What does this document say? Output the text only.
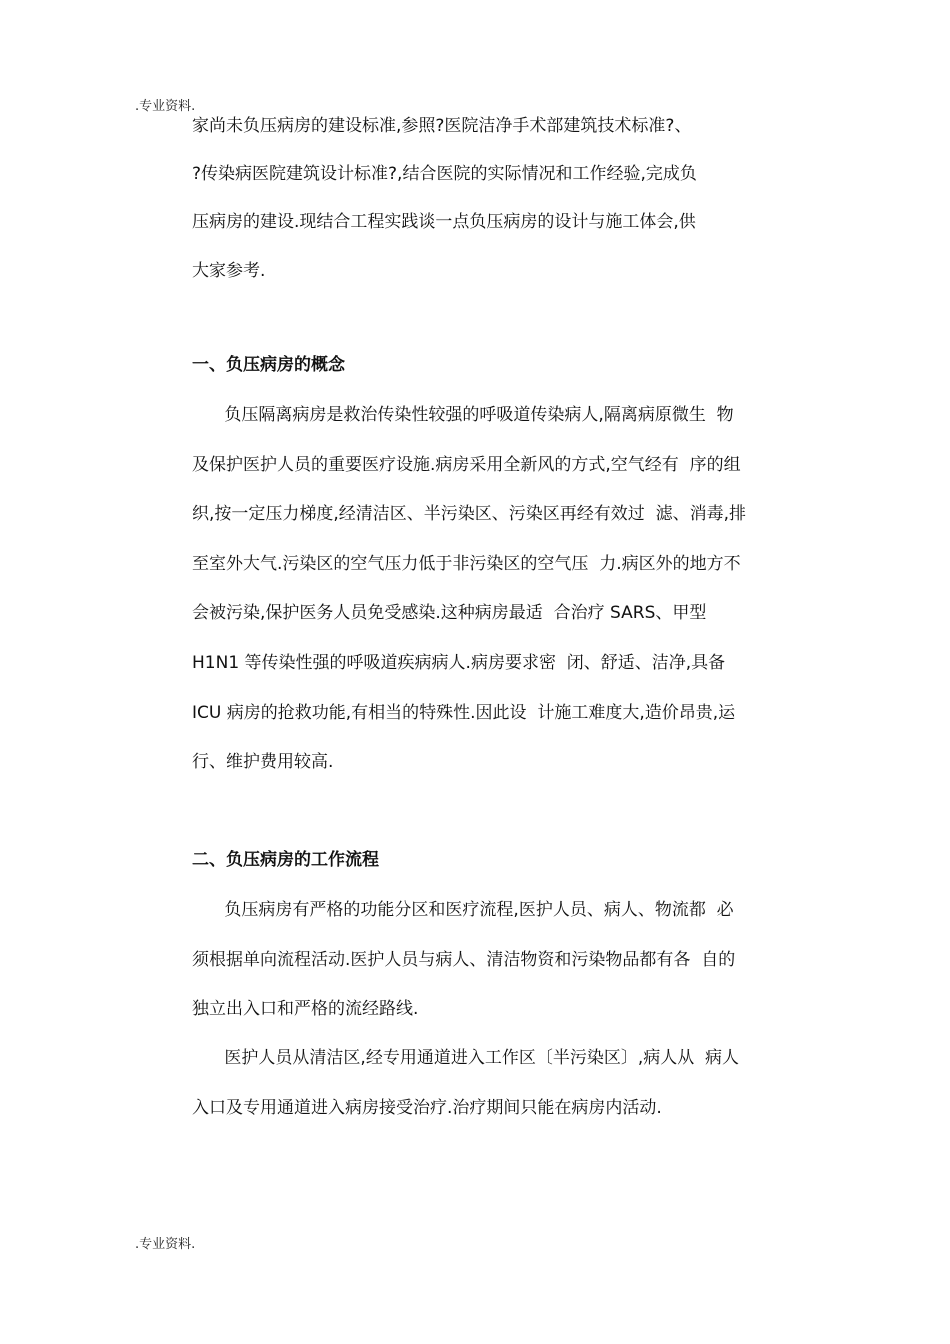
.专业资料.
家尚未负压病房的建设标准,参照?医院洁净手术部建筑技术标准?、
?传染病医院建筑设计标准?,结合医院的实际情况和工作经验,完成负
压病房的建设.现结合工程实践谈一点负压病房的设计与施工体会,供
大家参考.
一、负压病房的概念
负压隔离病房是救治传染性较强的呼吸道传染病人,隔离病原微生  物
及保护医护人员的重要医疗设施.病房采用全新风的方式,空气经有  序的组
织,按一定压力梯度,经清洁区、半污染区、污染区再经有效过  滤、消毒,排
至室外大气.污染区的空气压力低于非污染区的空气压  力.病区外的地方不
会被污染,保护医务人员免受感染.这种病房最适  合治疗 SARS、甲型
H1N1 等传染性强的呼吸道疾病病人.病房要求密  闭、舒适、洁净,具备
ICU 病房的抢救功能,有相当的特殊性.因此设  计施工难度大,造价昂贵,运
行、维护费用较高.
二、负压病房的工作流程
负压病房有严格的功能分区和医疗流程,医护人员、病人、物流都  必
须根据单向流程活动.医护人员与病人、清洁物资和污染物品都有各  自的
独立出入口和严格的流经路线.
医护人员从清洁区,经专用通道进入工作区〔半污染区〕,病人从  病人
入口及专用通道进入病房接受治疗.治疗期间只能在病房内活动.
.专业资料.
